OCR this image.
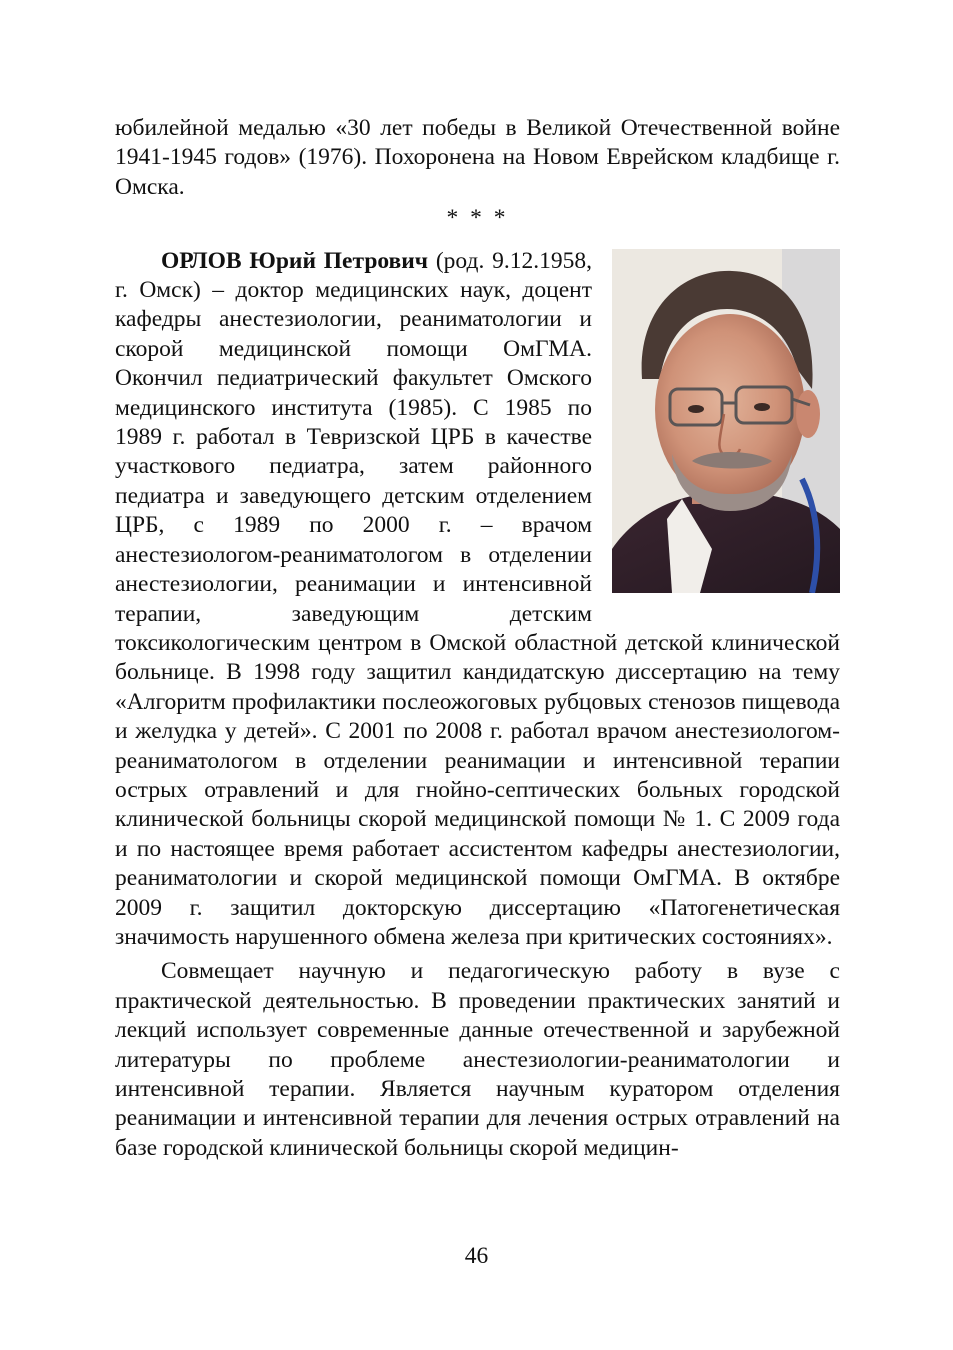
юбилейной медалью «30 лет победы в Великой Отечественной войне 1941-1945 годов» (1976). Похоронена на Новом Еврейском кладбище г. Омска.

* * *

ОРЛОВ Юрий Петрович (род. 9.12.1958, г. Омск) – доктор медицинских наук, доцент кафедры анестезиологии, реаниматологии и скорой медицинской помощи ОмГМА. Окончил педиатрический факультет Омского медицинского института (1985). С 1985 по 1989 г. работал в Тевризской ЦРБ в качестве участкового педиатра, затем районного педиатра и заведующего детским отделением ЦРБ, с 1989 по 2000 г. – врачом анестезиологом-реаниматологом в отделении анестезиологии, реанимации и интенсивной терапии, заведующим детским токсикологическим центром в Омской областной детской клинической больнице. В 1998 году защитил кандидатскую диссертацию на тему «Алгоритм профилактики послеожоговых рубцовых стенозов пищевода и желудка у детей». С 2001 по 2008 г. работал врачом анестезиологом-реаниматологом в отделении реанимации и интенсивной терапии острых отравлений и для гнойно-септических больных городской клинической больницы скорой медицинской помощи № 1. С 2009 года и по настоящее время работает ассистентом кафедры анестезиологии, реаниматологии и скорой медицинской помощи ОмГМА. В октябре 2009 г. защитил докторскую диссертацию «Патогенетическая значимость нарушенного обмена железа при критических состояниях».

Совмещает научную и педагогическую работу в вузе с практической деятельностью. В проведении практических занятий и лекций использует современные данные отечественной и зарубежной литературы по проблеме анестезиологии-реаниматологии и интенсивной терапии. Является научным куратором отделения реанимации и интенсивной терапии для лечения острых отравлений на базе городской клинической больницы скорой медицин-

46
